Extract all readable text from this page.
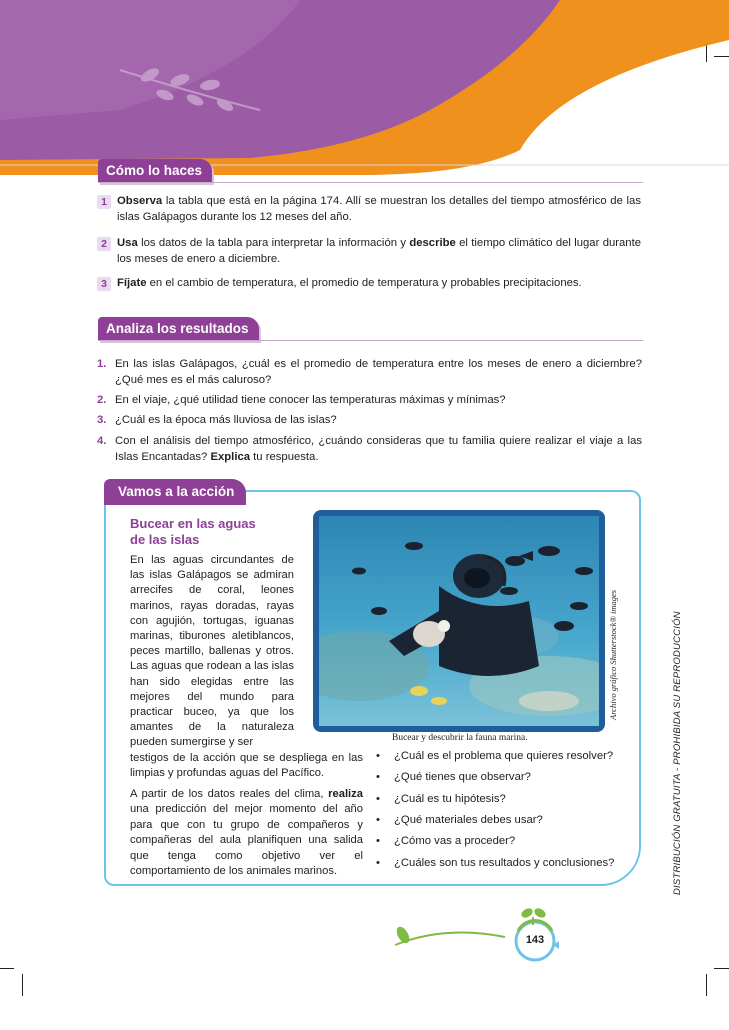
Cómo lo haces
1 Observa la tabla que está en la página 174. Allí se muestran los detalles del tiempo atmosférico de las islas Galápagos durante los 12 meses del año.
2 Usa los datos de la tabla para interpretar la información y describe el tiempo climático del lugar durante los meses de enero a diciembre.
3 Fíjate en el cambio de temperatura, el promedio de temperatura y probables precipitaciones.
Analiza los resultados
1. En las islas Galápagos, ¿cuál es el promedio de temperatura entre los meses de enero a diciembre? ¿Qué mes es el más caluroso?
2. En el viaje, ¿qué utilidad tiene conocer las temperaturas máximas y mínimas?
3. ¿Cuál es la época más lluviosa de las islas?
4. Con el análisis del tiempo atmosférico, ¿cuándo consideras que tu familia quiere realizar el viaje a las Islas Encantadas? Explica tu respuesta.
Vamos a la acción
Bucear en las aguas
de las islas
En las aguas circundantes de las islas Galápagos se admiran arrecifes de coral, leones marinos, rayas doradas, rayas con agujión, tortugas, iguanas marinas, tiburones aletiblancos, peces martillo, ballenas y otros. Las aguas que rodean a las islas han sido elegidas entre las mejores del mundo para practicar buceo, ya que los amantes de la naturaleza pueden sumergirse y ser
testigos de la acción que se despliega en las limpias y profundas aguas del Pacífico.
A partir de los datos reales del clima, realiza una predicción del mejor momento del año para que con tu grupo de compañeros y compañeras del aula planifiquen una salida que tenga como objetivo ver el comportamiento de los animales marinos.
Bucear y descubrir la fauna marina.
Archivo gráfico Shutterstock® images
• ¿Cuál es el problema que quieres resolver?
• ¿Qué tienes que observar?
• ¿Cuál es tu hipótesis?
• ¿Qué materiales debes usar?
• ¿Cómo vas a proceder?
• ¿Cuáles son tus resultados y conclusiones?	DISTRIBUCIÓN GRATUITA - PROHIBIDA SU REPRODUCCIÓN
143
